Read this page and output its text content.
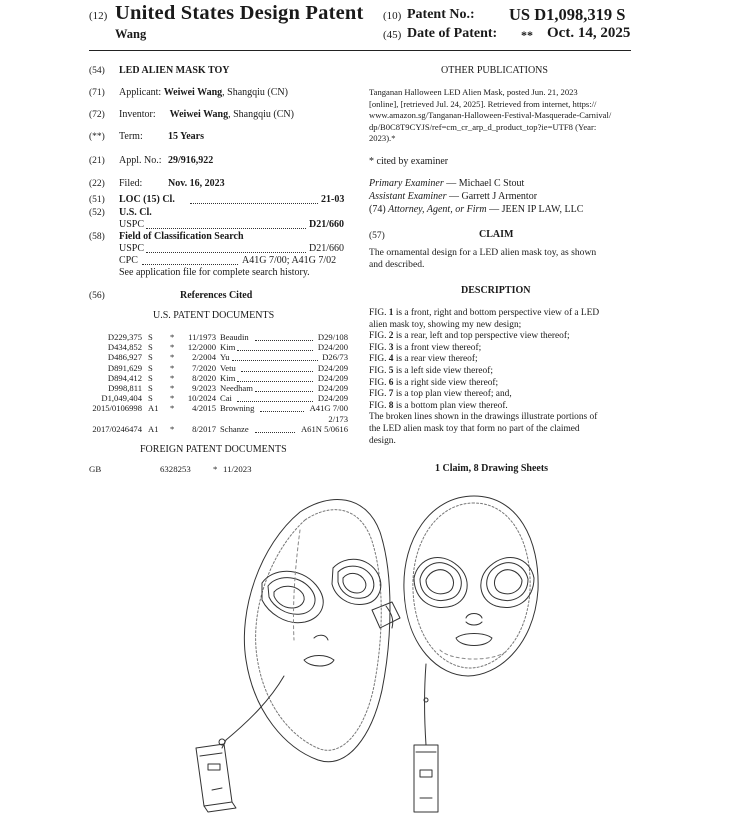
(12) United States Design Patent
Wang
(10) Patent No.: US D1,098,319 S
(45) Date of Patent: ** Oct. 14, 2025
(54) LED ALIEN MASK TOY
(71) Applicant: Weiwei Wang, Shangqiu (CN)
(72) Inventor: Weiwei Wang, Shangqiu (CN)
(**) Term:	15 Years
(21) Appl. No.: 29/916,922
(22) Filed:	Nov. 16, 2023
(51) LOC (15) Cl.	21-03
(52) U.S. Cl.
USPC	D21/660
(58) Field of Classification Search
USPC	D21/660
CPC	A41G 7/00; A41G 7/02
See application file for complete search history.
(56)	References Cited
U.S. PATENT DOCUMENTS
D229,375 S * 11/1973 Beaudin	D29/108
D434,852 S * 12/2000 Kim	D24/200
D486,927 S * 2/2004 Yu	D26/73
D891,629 S * 7/2020 Vetu	D24/209
D894,412 S * 8/2020 Kim	D24/209
D998,811 S * 9/2023 Needham	D24/209
D1,049,404 S * 10/2024 Cai	D24/209
2015/0106998 A1 * 4/2015 Browning	A41G 7/00
2/173
2017/0246474 A1 * 8/2017 Schanze	A61N 5/0616
FOREIGN PATENT DOCUMENTS
GB	6328253	* 11/2023
OTHER PUBLICATIONS
Tanganan Halloween LED Alien Mask, posted Jun. 21, 2023
[online], [retrieved Jul. 24, 2025]. Retrieved from internet, https://
www.amazon.sg/Tanganan-Halloween-Festival-Masquerade-Carnival/
dp/B0C8T9CYJS/ref=cm_cr_arp_d_product_top?ie=UTF8 (Year:
2023).*
* cited by examiner
Primary Examiner — Michael C Stout
Assistant Examiner — Garrett J Armentor
(74) Attorney, Agent, or Firm — JEEN IP LAW, LLC
(57)	CLAIM
The ornamental design for a LED alien mask toy, as shown
and described.
DESCRIPTION
FIG. 1 is a front, right and bottom perspective view of a LED
alien mask toy, showing my new design;
FIG. 2 is a rear, left and top perspective view thereof;
FIG. 3 is a front view thereof;
FIG. 4 is a rear view thereof;
FIG. 5 is a left side view thereof;
FIG. 6 is a right side view thereof;
FIG. 7 is a top plan view thereof; and,
FIG. 8 is a bottom plan view thereof.
The broken lines shown in the drawings illustrate portions of
the LED alien mask toy that form no part of the claimed
design.
1 Claim, 8 Drawing Sheets
